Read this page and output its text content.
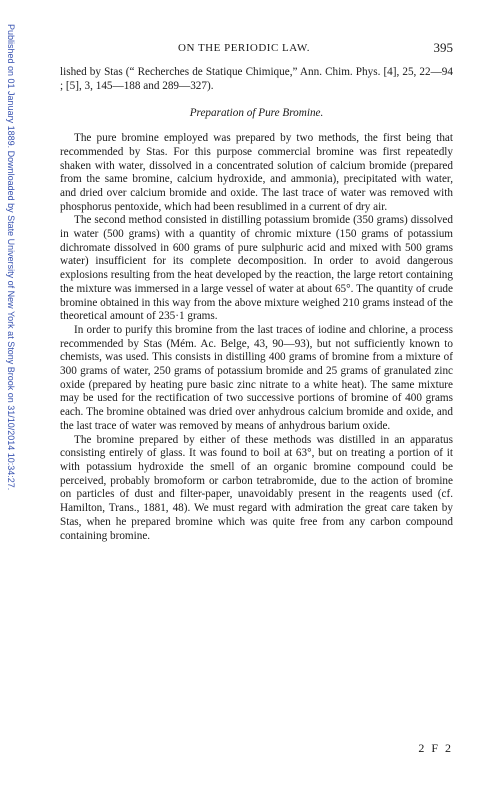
Published on 01 January 1889. Downloaded by State University of New York at Stony Brook on 31/10/2014 10:34:27.	ON THE PERIODIC LAW.	395

lished by Stas (“ Recherches de Statique Chimique,” Ann. Chim. Phys. [4], 25, 22—94 ; [5], 3, 145—188 and 289—327).

Preparation of Pure Bromine.

The pure bromine employed was prepared by two methods, the first being that recommended by Stas. For this purpose commercial bromine was first repeatedly shaken with water, dissolved in a concentrated solution of calcium bromide (prepared from the same bromine, calcium hydroxide, and ammonia), precipitated with water, and dried over calcium bromide and oxide. The last trace of water was removed with phosphorus pentoxide, which had been resublimed in a current of dry air.

The second method consisted in distilling potassium bromide (350 grams) dissolved in water (500 grams) with a quantity of chromic mixture (150 grams of potassium dichromate dissolved in 600 grams of pure sulphuric acid and mixed with 500 grams water) insufficient for its complete decomposition. In order to avoid dangerous explosions resulting from the heat developed by the reaction, the large retort containing the mixture was immersed in a large vessel of water at about 65°. The quantity of crude bromine obtained in this way from the above mixture weighed 210 grams instead of the theoretical amount of 235·1 grams.

In order to purify this bromine from the last traces of iodine and chlorine, a process recommended by Stas (Mém. Ac. Belge, 43, 90—93), but not sufficiently known to chemists, was used. This consists in distilling 400 grams of bromine from a mixture of 300 grams of water, 250 grams of potassium bromide and 25 grams of granulated zinc oxide (prepared by heating pure basic zinc nitrate to a white heat). The same mixture may be used for the rectification of two successive portions of bromine of 400 grams each. The bromine obtained was dried over anhydrous calcium bromide and oxide, and the last trace of water was removed by means of anhydrous barium oxide.

The bromine prepared by either of these methods was distilled in an apparatus consisting entirely of glass. It was found to boil at 63°, but on treating a portion of it with potassium hydroxide the smell of an organic bromine compound could be perceived, probably bromoform or carbon tetrabromide, due to the action of bromine on particles of dust and filter-paper, unavoidably present in the reagents used (cf. Hamilton, Trans., 1881, 48). We must regard with admiration the great care taken by Stas, when he prepared bromine which was quite free from any carbon compound containing bromine.

2 F 2
